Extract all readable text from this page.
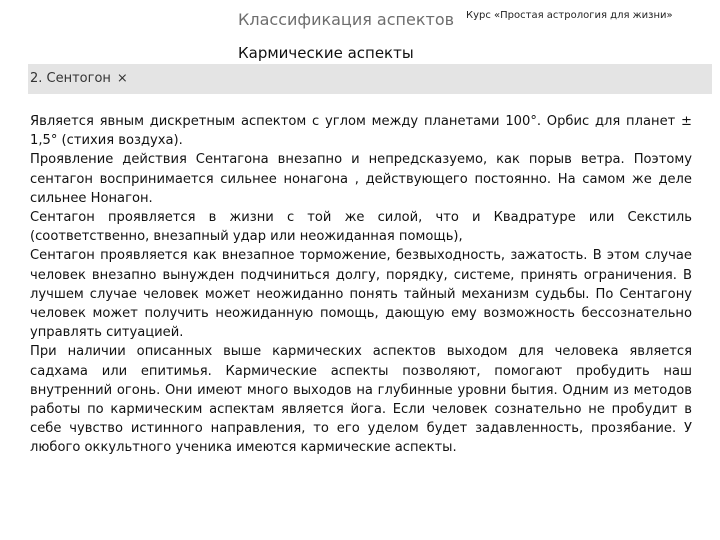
Классификация аспектов Курс «Простая астрология для жизни»
Кармические аспекты
2. Сентогон ⨯

Является явным дискретным аспектом с углом между планетами 100°. Орбис для планет ± 1,5° (стихия воздуха).

Проявление действия Сентагона внезапно и непредсказуемо, как порыв ветра. Поэтому сентагон воспринимается сильнее нонагона , действующего постоянно. На самом же деле сильнее Нонагон.

Сентагон проявляется в жизни с той же силой, что и Квадратуре или Секстиль (соответственно, внезапный удар или неожиданная помощь),

Сентагон проявляется как внезапное торможение, безвыходность, зажатость. В этом случае человек внезапно вынужден подчиниться долгу, порядку, системе, принять ограничения. В лучшем случае человек может неожиданно понять тайный механизм судьбы. По Сентагону человек может получить неожиданную помощь, дающую ему возможность бессознательно управлять ситуацией.

При наличии описанных выше кармических аспектов выходом для человека является садхама или епитимья. Кармические аспекты позволяют, помогают пробудить наш внутренний огонь. Они имеют много выходов на глубинные уровни бытия. Одним из методов работы по кармическим аспектам является йога. Если человек сознательно не пробудит в себе чувство истинного направления, то его уделом будет задавленность, прозябание. У любого оккультного ученика имеются кармические аспекты.
